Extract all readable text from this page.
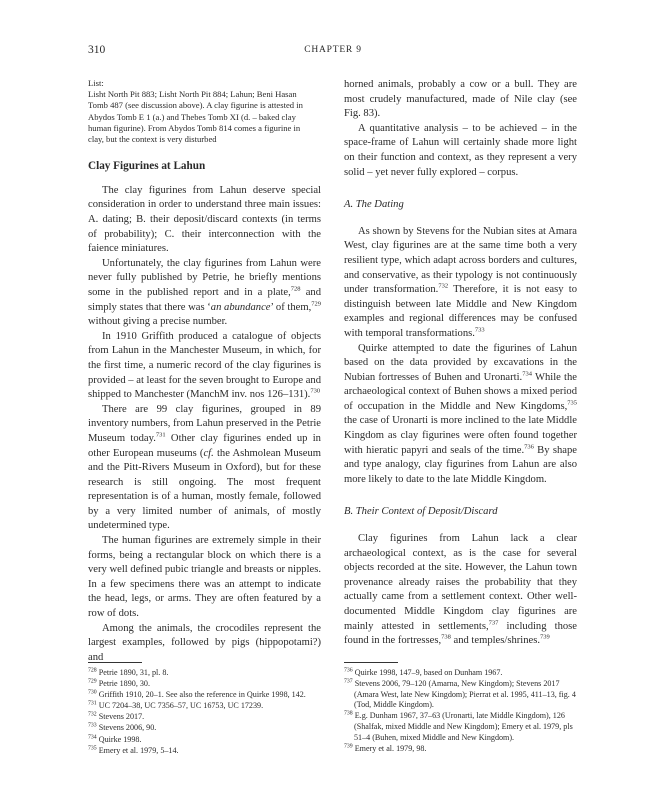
310	CHAPTER 9
List:
Lisht North Pit 883; Lisht North Pit 884; Lahun; Beni Hasan
Tomb 487 (see discussion above). A clay figurine is attested in
Abydos Tomb E 1 (a.) and Thebes Tomb XI (d. – baked clay
human figurine). From Abydos Tomb 814 comes a figurine in
clay, but the context is very disturbed
Clay Figurines at Lahun

The clay figurines from Lahun deserve special consideration in order to understand three main issues: A. dating; B. their deposit/discard contexts (in terms of probability); C. their interconnection with the faience miniatures.

Unfortunately, the clay figurines from Lahun were never fully published by Petrie, he briefly mentions some in the published report and in a plate,$^{728}$ and simply states that there was ‘an abundance’ of them,$^{729}$ without giving a precise number.

In 1910 Griffith produced a catalogue of objects from Lahun in the Manchester Museum, in which, for the first time, a numeric record of the clay figurines is provided – at least for the seven brought to Europe and shipped to Manchester (ManchM inv. nos 126–131).$^{730}$

There are 99 clay figurines, grouped in 89 inventory numbers, from Lahun preserved in the Petrie Museum today.$^{731}$ Other clay figurines ended up in other European museums (cf. the Ashmolean Museum and the Pitt-Rivers Museum in Oxford), but for these research is still ongoing. The most frequent representation is of a human, mostly female, followed by a very limited number of animals, of mostly undetermined type.

The human figurines are extremely simple in their forms, being a rectangular block on which there is a very well defined pubic triangle and breasts or nipples. In a few specimens there was an attempt to indicate the head, legs, or arms. They are often featured by a row of dots.

Among the animals, the crocodiles represent the largest examples, followed by pigs (hippopotami?) and

horned animals, probably a cow or a bull. They are most crudely manufactured, made of Nile clay (see Fig. 83).

A quantitative analysis – to be achieved – in the space-frame of Lahun will certainly shade more light on their function and context, as they represent a very solid – yet never fully explored – corpus.

A. The Dating

As shown by Stevens for the Nubian sites at Amara West, clay figurines are at the same time both a very resilient type, which adapt across borders and cultures, and conservative, as their typology is not continuously under transformation.$^{732}$ Therefore, it is not easy to distinguish between late Middle and New Kingdom examples and regional differences may be confused with temporal transformations.$^{733}$

Quirke attempted to date the figurines of Lahun based on the data provided by excavations in the Nubian fortresses of Buhen and Uronarti.$^{734}$ While the archaeological context of Buhen shows a mixed period of occupation in the Middle and New Kingdoms,$^{735}$ the case of Uronarti is more inclined to the late Middle Kingdom as clay figurines were often found together with hieratic papyri and seals of the time.$^{736}$ By shape and type analogy, clay figurines from Lahun are also more likely to date to the late Middle Kingdom.

B. Their Context of Deposit/Discard

Clay figurines from Lahun lack a clear archaeological context, as is the case for several objects recorded at the site. However, the Lahun town provenance already raises the probability that they actually came from a settlement context. Other well-documented Middle Kingdom clay figurines are mainly attested in settlements,$^{737}$ including those found in the fortresses,$^{738}$ and temples/shrines.$^{739}$

$^{728}$ Petrie 1890, 31, pl. 8.
$^{729}$ Petrie 1890, 30.
$^{730}$ Griffith 1910, 20–1. See also the reference in Quirke 1998, 142.
$^{731}$ UC 7204–38, UC 7356–57, UC 16753, UC 17239.
$^{732}$ Stevens 2017.
$^{733}$ Stevens 2006, 90.
$^{734}$ Quirke 1998.
$^{735}$ Emery et al. 1979, 5–14.
$^{736}$ Quirke 1998, 147–9, based on Dunham 1967.
$^{737}$ Stevens 2006, 79–120 (Amarna, New Kingdom); Stevens 2017 (Amara West, late New Kingdom); Pierrat et al. 1995, 411–13, fig. 4 (Tod, Middle Kingdom).
$^{738}$ E.g. Dunham 1967, 37–63 (Uronarti, late Middle Kingdom), 126 (Shalfak, mixed Middle and New Kingdom); Emery et al. 1979, pls 51–4 (Buhen, mixed Middle and New Kingdom).
$^{739}$ Emery et al. 1979, 98.
